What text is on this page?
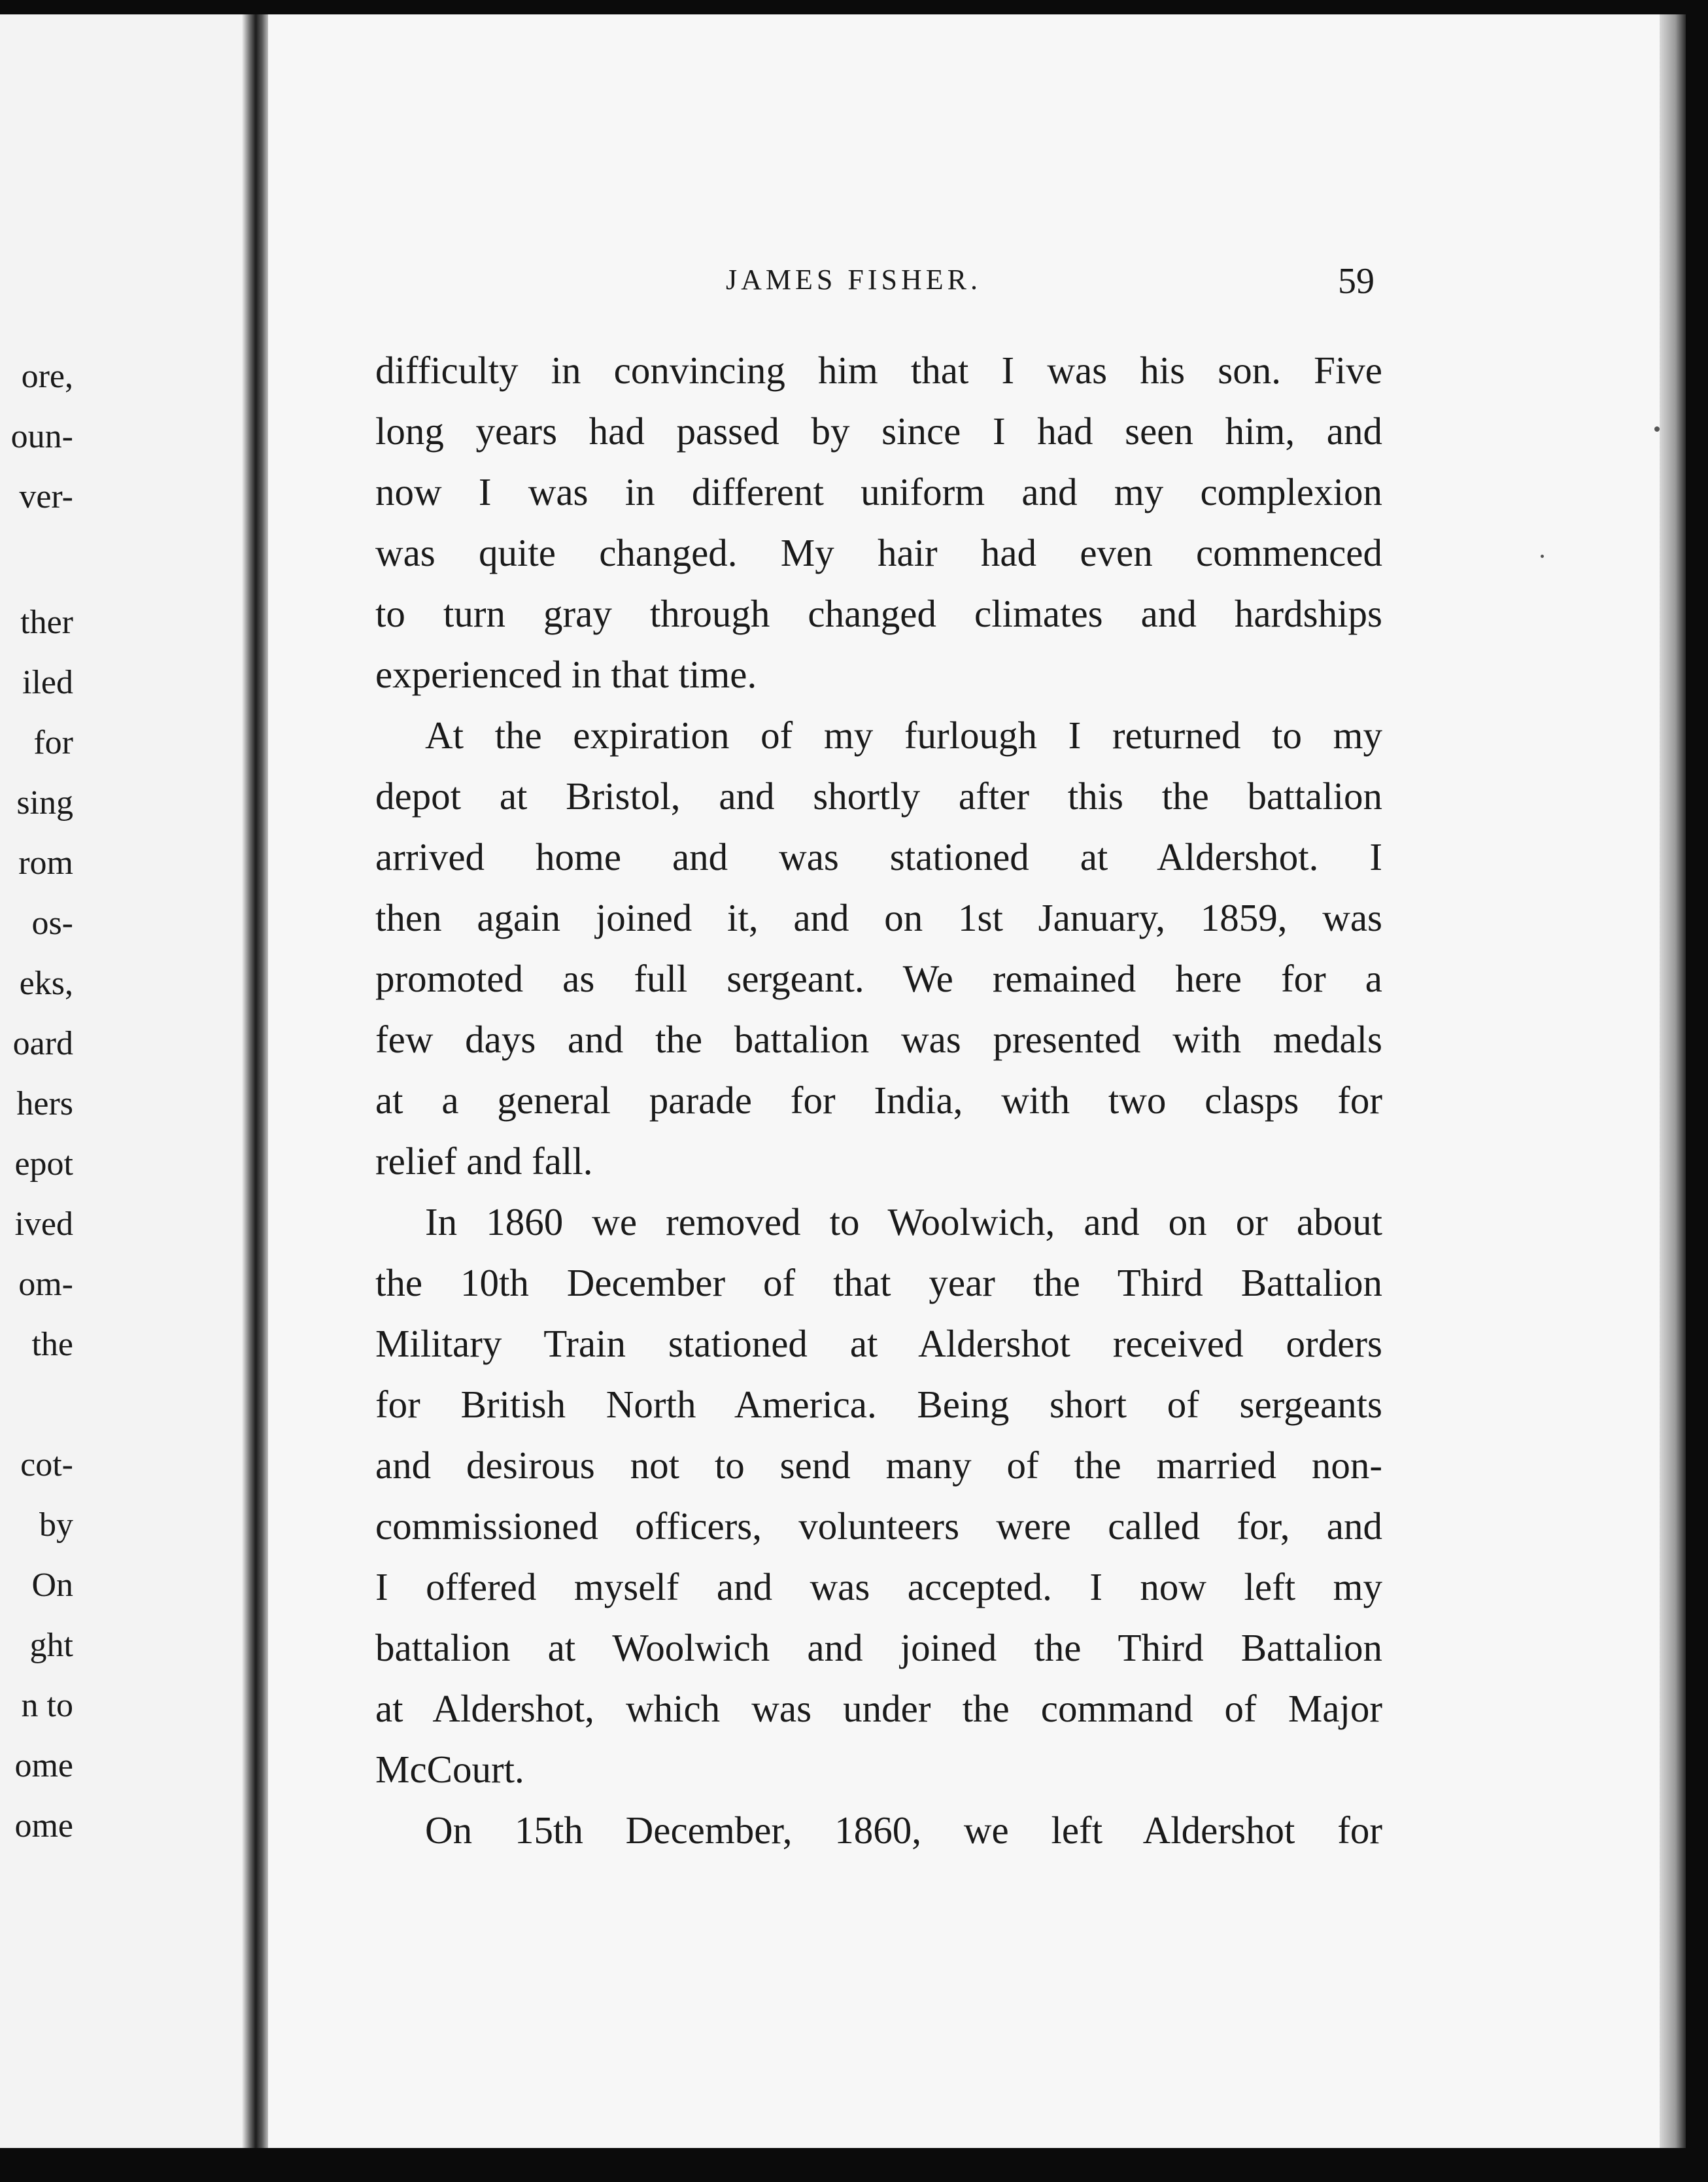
ore,
oun-
ver-
ther
iled
for
sing
rom
os-
eks,
oard
hers
epot
ived
om-
the
cot-
by
On
ght
n to
ome
ome
JAMES FISHER.	59
difficulty in convincing him that I was his son. Five
long years had passed by since I had seen him, and
now I was in different uniform and my complexion
was quite changed. My hair had even commenced
to turn gray through changed climates and hardships
experienced in that time.
At the expiration of my furlough I returned to my
depot at Bristol, and shortly after this the battalion
arrived home and was stationed at Aldershot. I
then again joined it, and on 1st January, 1859, was
promoted as full sergeant. We remained here for a
few days and the battalion was presented with medals
at a general parade for India, with two clasps for
relief and fall.
In 1860 we removed to Woolwich, and on or about
the 10th December of that year the Third Battalion
Military Train stationed at Aldershot received orders
for British North America. Being short of sergeants
and desirous not to send many of the married non-
commissioned officers, volunteers were called for, and
I offered myself and was accepted. I now left my
battalion at Woolwich and joined the Third Battalion
at Aldershot, which was under the command of Major
McCourt.
On 15th December, 1860, we left Aldershot for
